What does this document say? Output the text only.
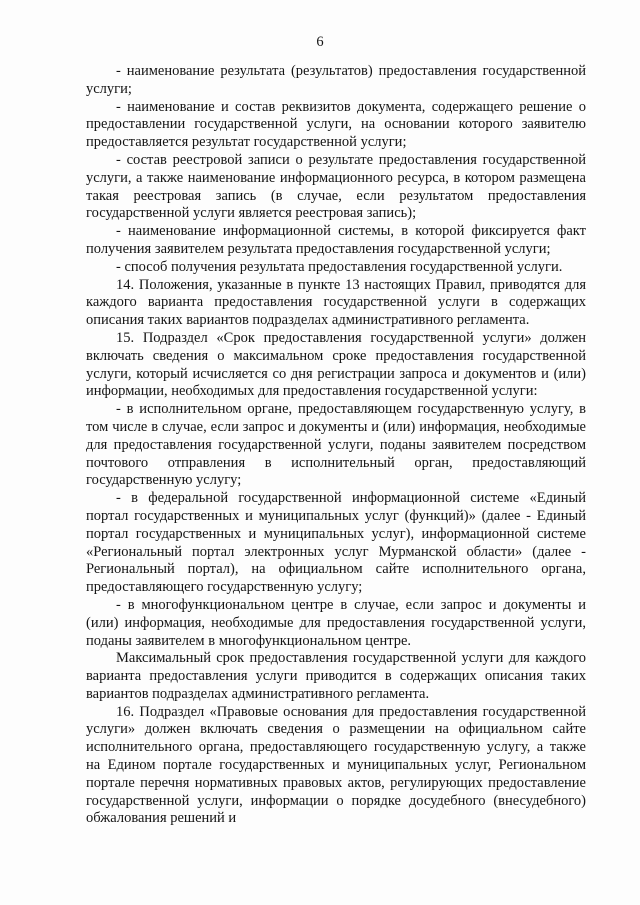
6

- наименование результата (результатов) предоставления государственной услуги;

- наименование и состав реквизитов документа, содержащего решение о предоставлении государственной услуги, на основании которого заявителю предоставляется результат государственной услуги;

- состав реестровой записи о результате предоставления государственной услуги, а также наименование информационного ресурса, в котором размещена такая реестровая запись (в случае, если результатом предоставления государственной услуги является реестровая запись);

- наименование информационной системы, в которой фиксируется факт получения заявителем результата предоставления государственной услуги;

- способ получения результата предоставления государственной услуги.

14. Положения, указанные в пункте 13 настоящих Правил, приводятся для каждого варианта предоставления государственной услуги в содержащих описания таких вариантов подразделах административного регламента.

15. Подраздел «Срок предоставления государственной услуги» должен включать сведения о максимальном сроке предоставления государственной услуги, который исчисляется со дня регистрации запроса и документов и (или) информации, необходимых для предоставления государственной услуги:

- в исполнительном органе, предоставляющем государственную услугу, в том числе в случае, если запрос и документы и (или) информация, необходимые для предоставления государственной услуги, поданы заявителем посредством почтового отправления в исполнительный орган, предоставляющий государственную услугу;

- в федеральной государственной информационной системе «Единый портал государственных и муниципальных услуг (функций)» (далее - Единый портал государственных и муниципальных услуг), информационной системе «Региональный портал электронных услуг Мурманской области» (далее - Региональный портал), на официальном сайте исполнительного органа, предоставляющего государственную услугу;

- в многофункциональном центре в случае, если запрос и документы и (или) информация, необходимые для предоставления государственной услуги, поданы заявителем в многофункциональном центре.

Максимальный срок предоставления государственной услуги для каждого варианта предоставления услуги приводится в содержащих описания таких вариантов подразделах административного регламента.

16. Подраздел «Правовые основания для предоставления государственной услуги» должен включать сведения о размещении на официальном сайте исполнительного органа, предоставляющего государственную услугу, а также на Едином портале государственных и муниципальных услуг, Региональном портале перечня нормативных правовых актов, регулирующих предоставление государственной услуги, информации о порядке досудебного (внесудебного) обжалования решений и
